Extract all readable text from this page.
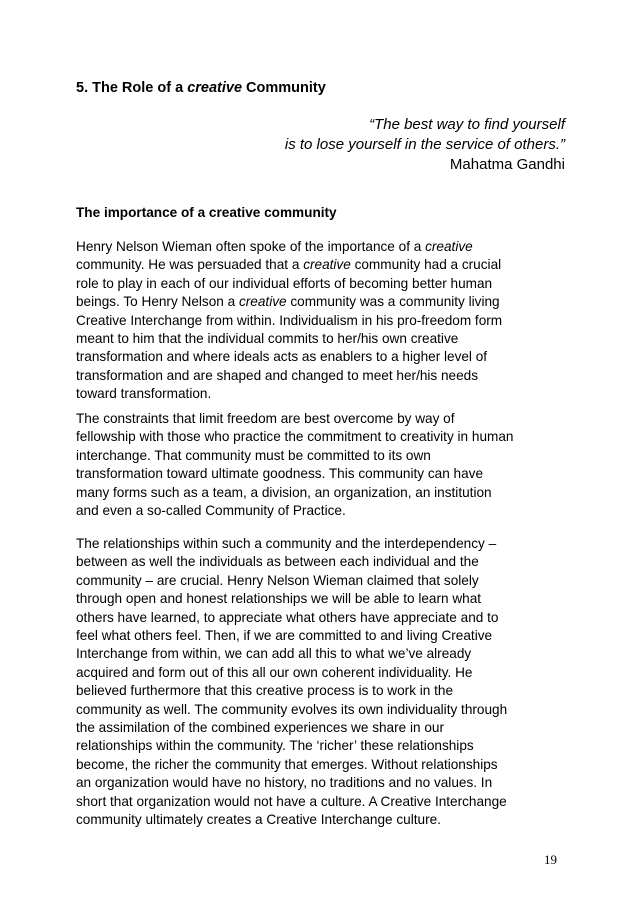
5. The Role of a creative Community

“The best way to find yourself
is to lose yourself in the service of others.”
Mahatma Gandhi

The importance of a creative community

Henry Nelson Wieman often spoke of the importance of a creative
community. He was persuaded that a creative community had a crucial
role to play in each of our individual efforts of becoming better human
beings. To Henry Nelson a creative community was a community living
Creative Interchange from within. Individualism in his pro-freedom form
meant to him that the individual commits to her/his own creative
transformation and where ideals acts as enablers to a higher level of
transformation and are shaped and changed to meet her/his needs
toward transformation.

The constraints that limit freedom are best overcome by way of
fellowship with those who practice the commitment to creativity in human
interchange. That community must be committed to its own
transformation toward ultimate goodness. This community can have
many forms such as a team, a division, an organization, an institution
and even a so-called Community of Practice.

The relationships within such a community and the interdependency –
between as well the individuals as between each individual and the
community – are crucial. Henry Nelson Wieman claimed that solely
through open and honest relationships we will be able to learn what
others have learned, to appreciate what others have appreciate and to
feel what others feel. Then, if we are committed to and living Creative
Interchange from within, we can add all this to what we’ve already
acquired and form out of this all our own coherent individuality. He
believed furthermore that this creative process is to work in the
community as well. The community evolves its own individuality through
the assimilation of the combined experiences we share in our
relationships within the community. The ‘richer’ these relationships
become, the richer the community that emerges. Without relationships
an organization would have no history, no traditions and no values. In
short that organization would not have a culture. A Creative Interchange
community ultimately creates a Creative Interchange culture.

19
